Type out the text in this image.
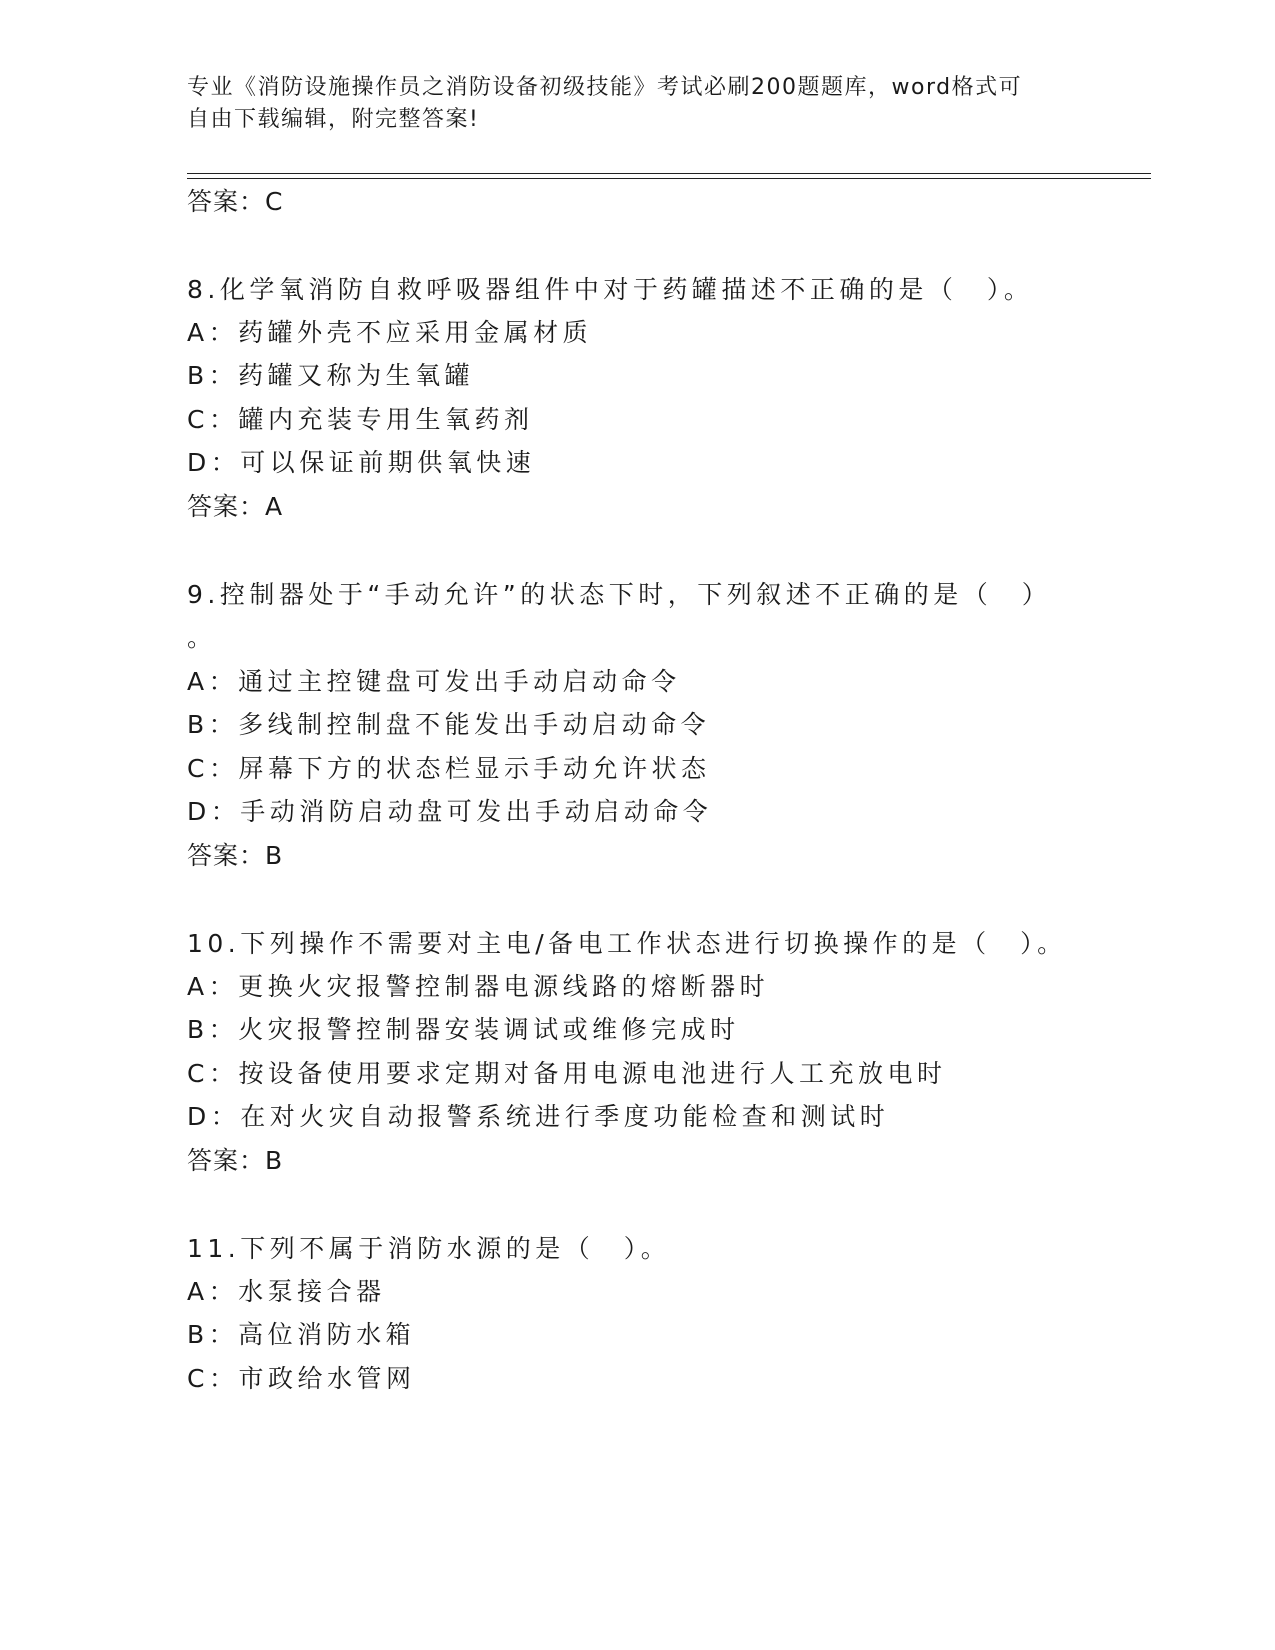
专业《消防设施操作员之消防设备初级技能》考试必刷200题题库，word格式可
自由下载编辑，附完整答案!
答案：C
8.化学氧消防自救呼吸器组件中对于药罐描述不正确的是（　）。
A：药罐外壳不应采用金属材质
B：药罐又称为生氧罐
C：罐内充装专用生氧药剂
D：可以保证前期供氧快速
答案：A
9.控制器处于“手动允许”的状态下时，下列叙述不正确的是（　）
。
A：通过主控键盘可发出手动启动命令
B：多线制控制盘不能发出手动启动命令
C：屏幕下方的状态栏显示手动允许状态
D：手动消防启动盘可发出手动启动命令
答案：B
10.下列操作不需要对主电/备电工作状态进行切换操作的是（　）。
A：更换火灾报警控制器电源线路的熔断器时
B：火灾报警控制器安装调试或维修完成时
C：按设备使用要求定期对备用电源电池进行人工充放电时
D：在对火灾自动报警系统进行季度功能检查和测试时
答案：B
11.下列不属于消防水源的是（　）。
A：水泵接合器
B：高位消防水箱
C：市政给水管网
